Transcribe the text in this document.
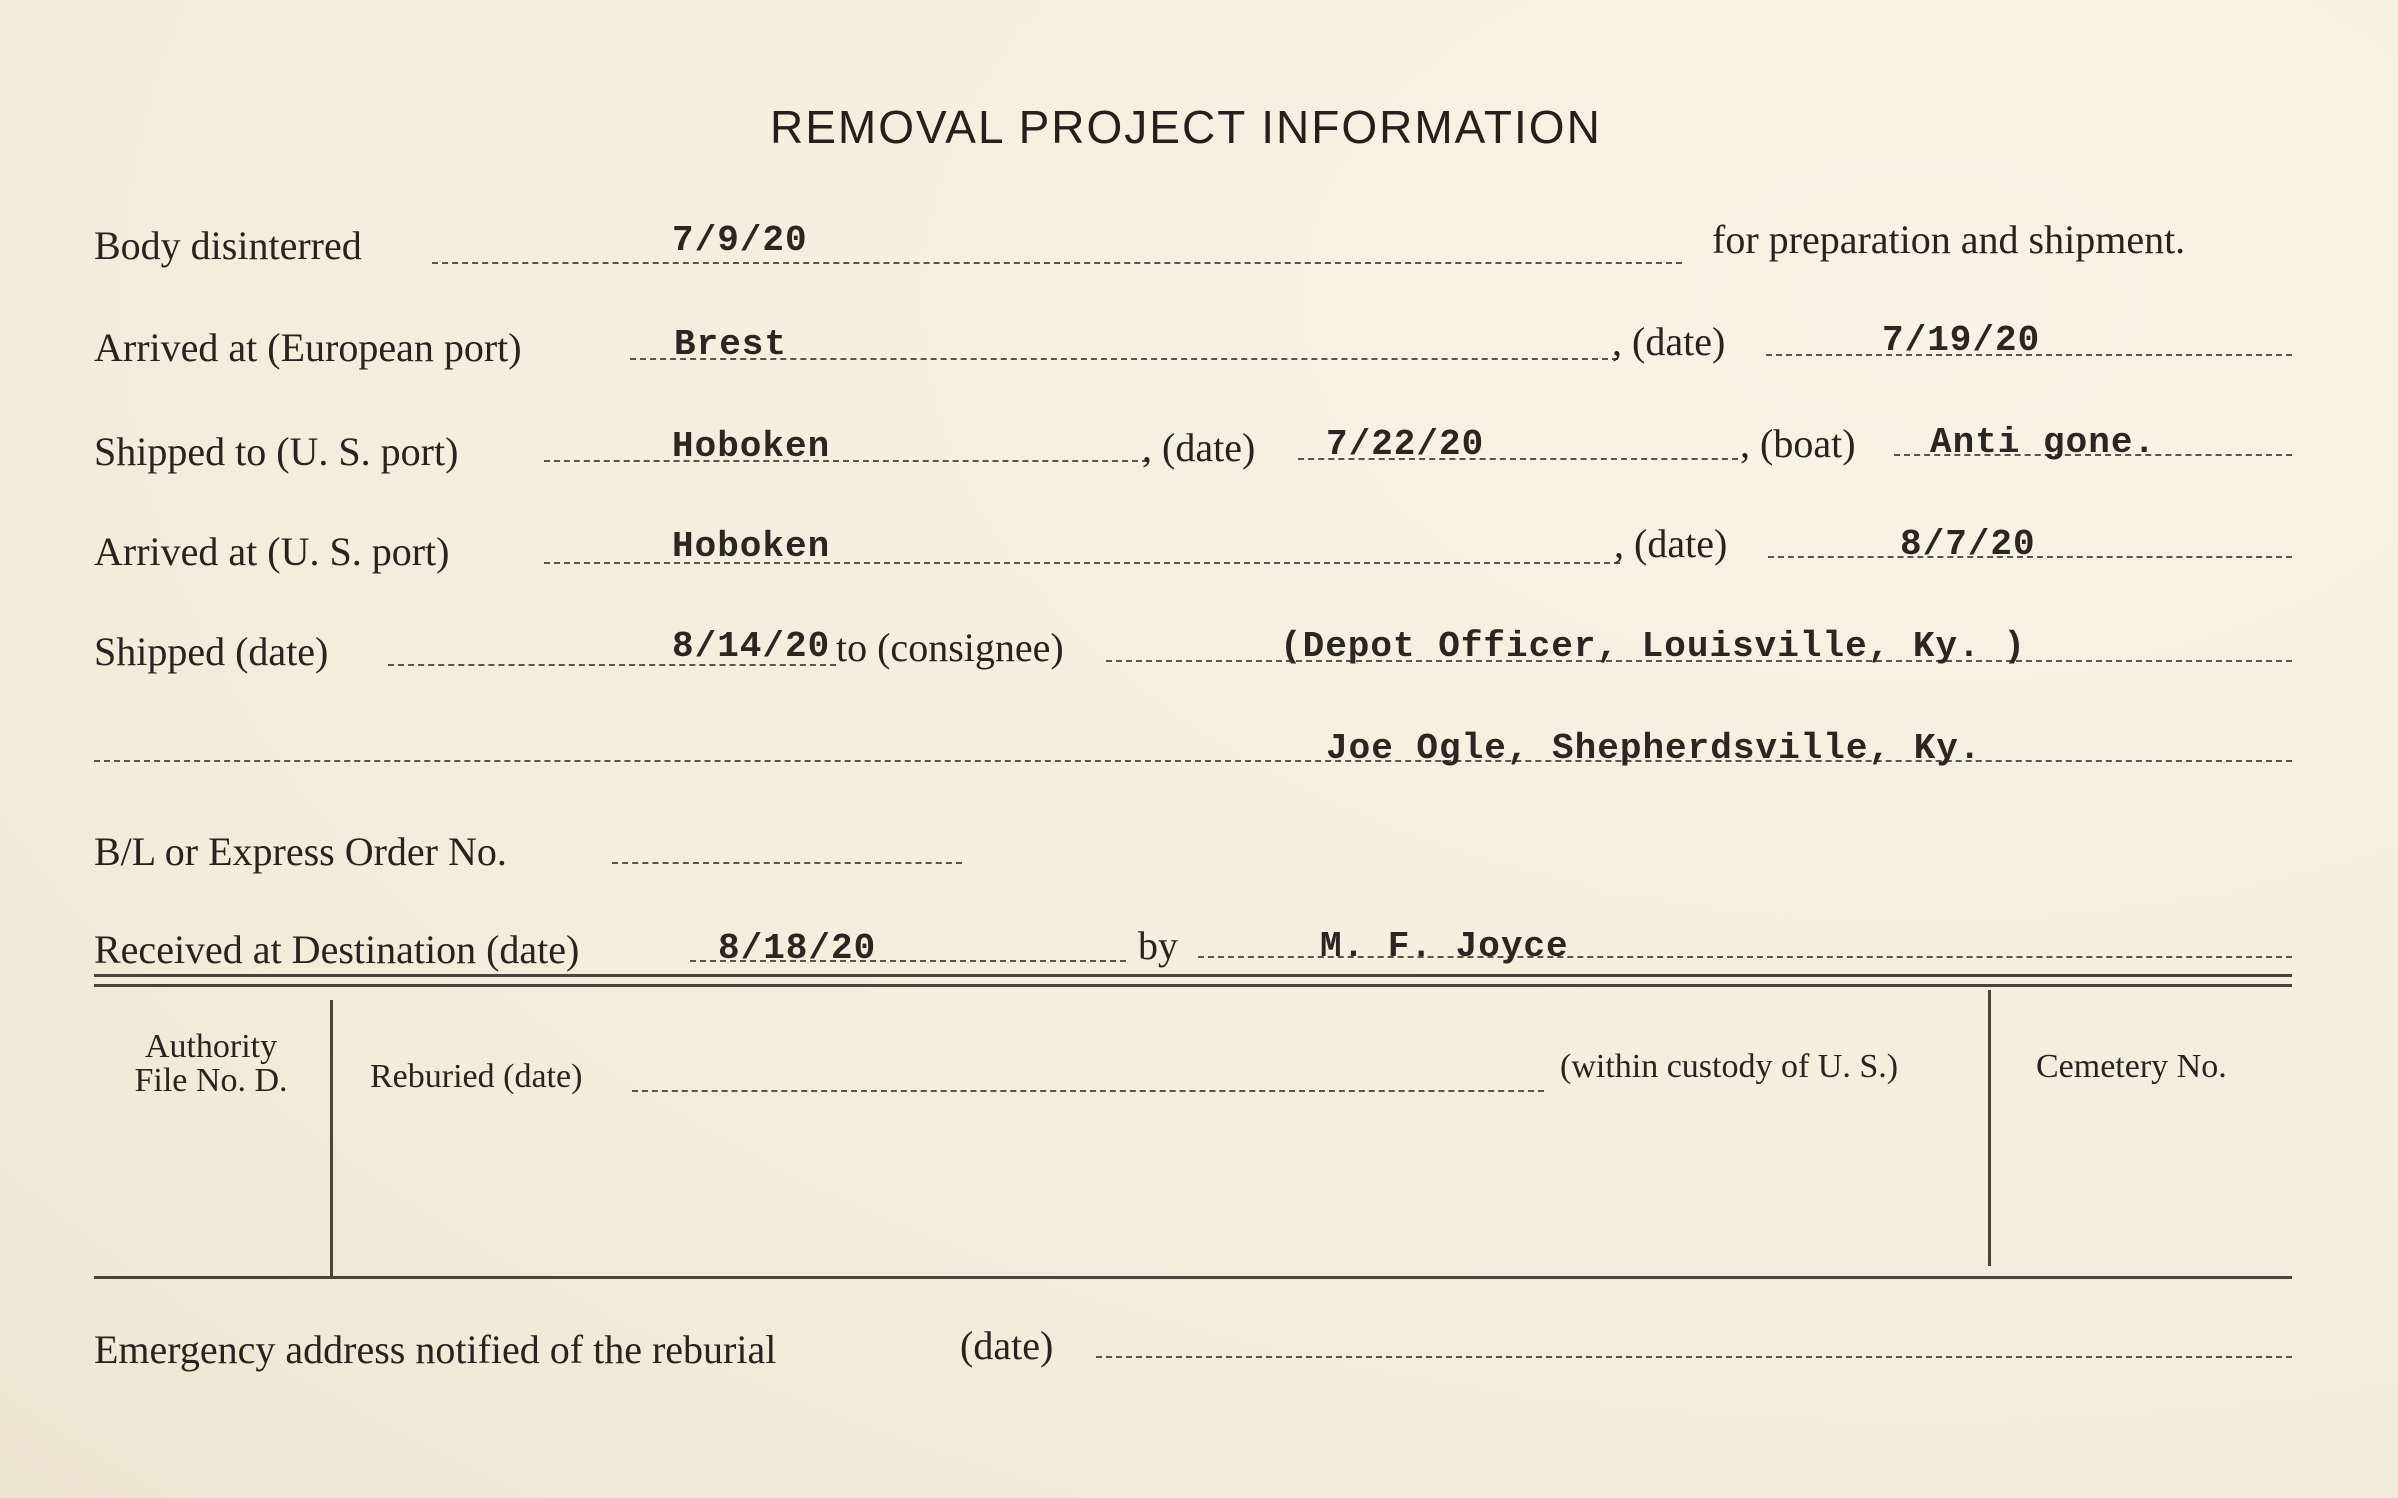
REMOVAL PROJECT INFORMATION
Body disinterred	7/9/20	for preparation and shipment.
Arrived at (European port)	Brest	, (date)	7/19/20
Shipped to (U. S. port)	Hoboken	, (date) 7/22/20	, (boat) Anti gone.
Arrived at (U. S. port)	Hoboken	, (date)	8/7/20
Shipped (date)	8/14/20 to (consignee)	(Depot Officer, Louisville, Ky. )
Joe Ogle, Shepherdsville, Ky.
B/L or Express Order No.
Received at Destination (date)	8/18/20	by	M. F. Joyce
Authority
File No. D.	Reburied (date)	(within custody of U. S.)	Cemetery No.
Emergency address notified of the reburial	(date)
